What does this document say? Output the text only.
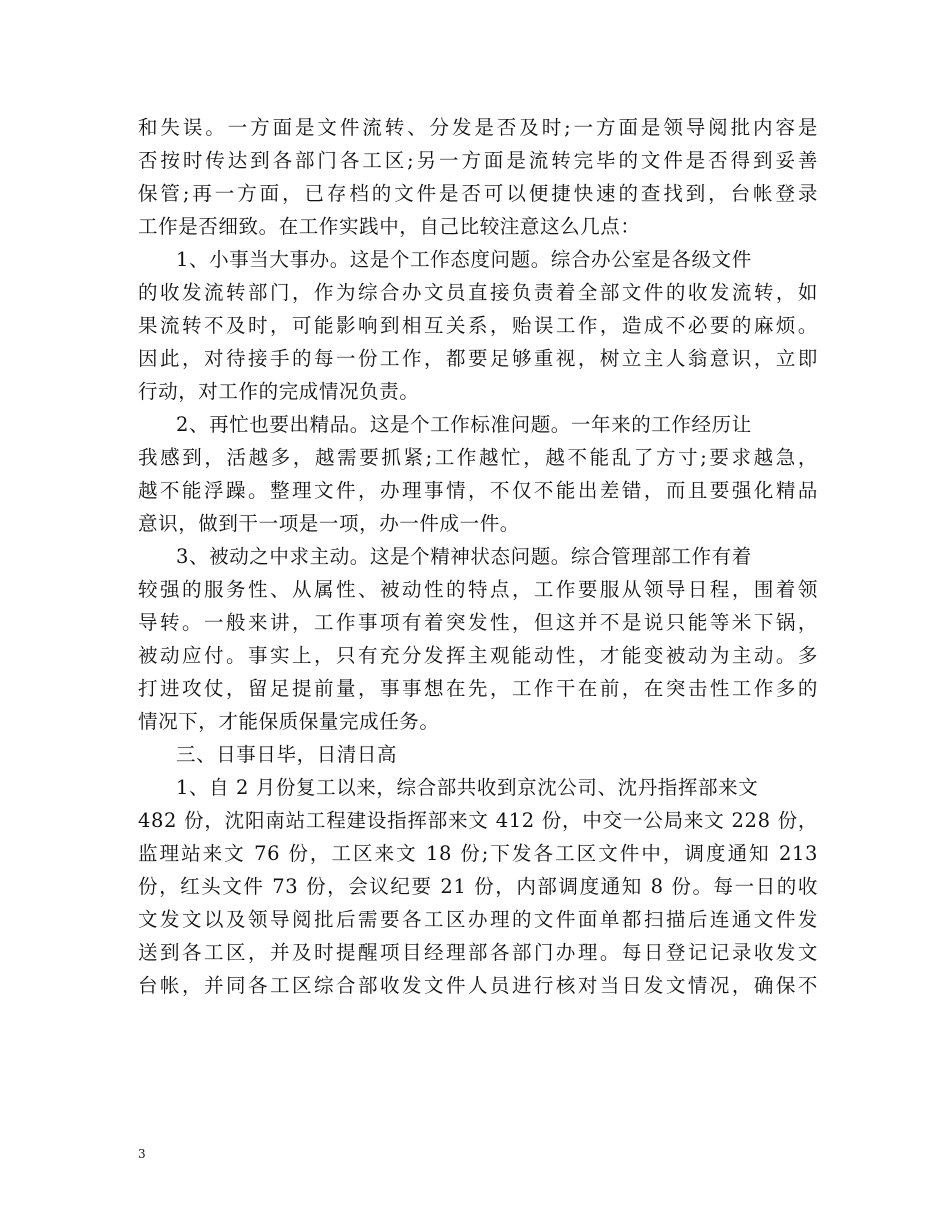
和失误。一方面是文件流转、分发是否及时;一方面是领导阅批内容是
否按时传达到各部门各工区;另一方面是流转完毕的文件是否得到妥善
保管;再一方面，已存档的文件是否可以便捷快速的查找到，台帐登录
工作是否细致。在工作实践中，自己比较注意这么几点：
1、小事当大事办。这是个工作态度问题。综合办公室是各级文件
的收发流转部门，作为综合办文员直接负责着全部文件的收发流转，如
果流转不及时，可能影响到相互关系，贻误工作，造成不必要的麻烦。
因此，对待接手的每一份工作，都要足够重视，树立主人翁意识，立即
行动，对工作的完成情况负责。
2、再忙也要出精品。这是个工作标准问题。一年来的工作经历让
我感到，活越多，越需要抓紧;工作越忙，越不能乱了方寸;要求越急，
越不能浮躁。整理文件，办理事情，不仅不能出差错，而且要强化精品
意识，做到干一项是一项，办一件成一件。
3、被动之中求主动。这是个精神状态问题。综合管理部工作有着
较强的服务性、从属性、被动性的特点，工作要服从领导日程，围着领
导转。一般来讲，工作事项有着突发性，但这并不是说只能等米下锅，
被动应付。事实上，只有充分发挥主观能动性，才能变被动为主动。多
打进攻仗，留足提前量，事事想在先，工作干在前，在突击性工作多的
情况下，才能保质保量完成任务。
三、日事日毕，日清日高
1、自 2 月份复工以来，综合部共收到京沈公司、沈丹指挥部来文
482 份，沈阳南站工程建设指挥部来文 412 份，中交一公局来文 228 份，
监理站来文 76 份，工区来文 18 份;下发各工区文件中，调度通知 213
份，红头文件 73 份，会议纪要 21 份，内部调度通知 8 份。每一日的收
文发文以及领导阅批后需要各工区办理的文件面单都扫描后连通文件发
送到各工区，并及时提醒项目经理部各部门办理。每日登记记录收发文
台帐，并同各工区综合部收发文件人员进行核对当日发文情况，确保不
3
